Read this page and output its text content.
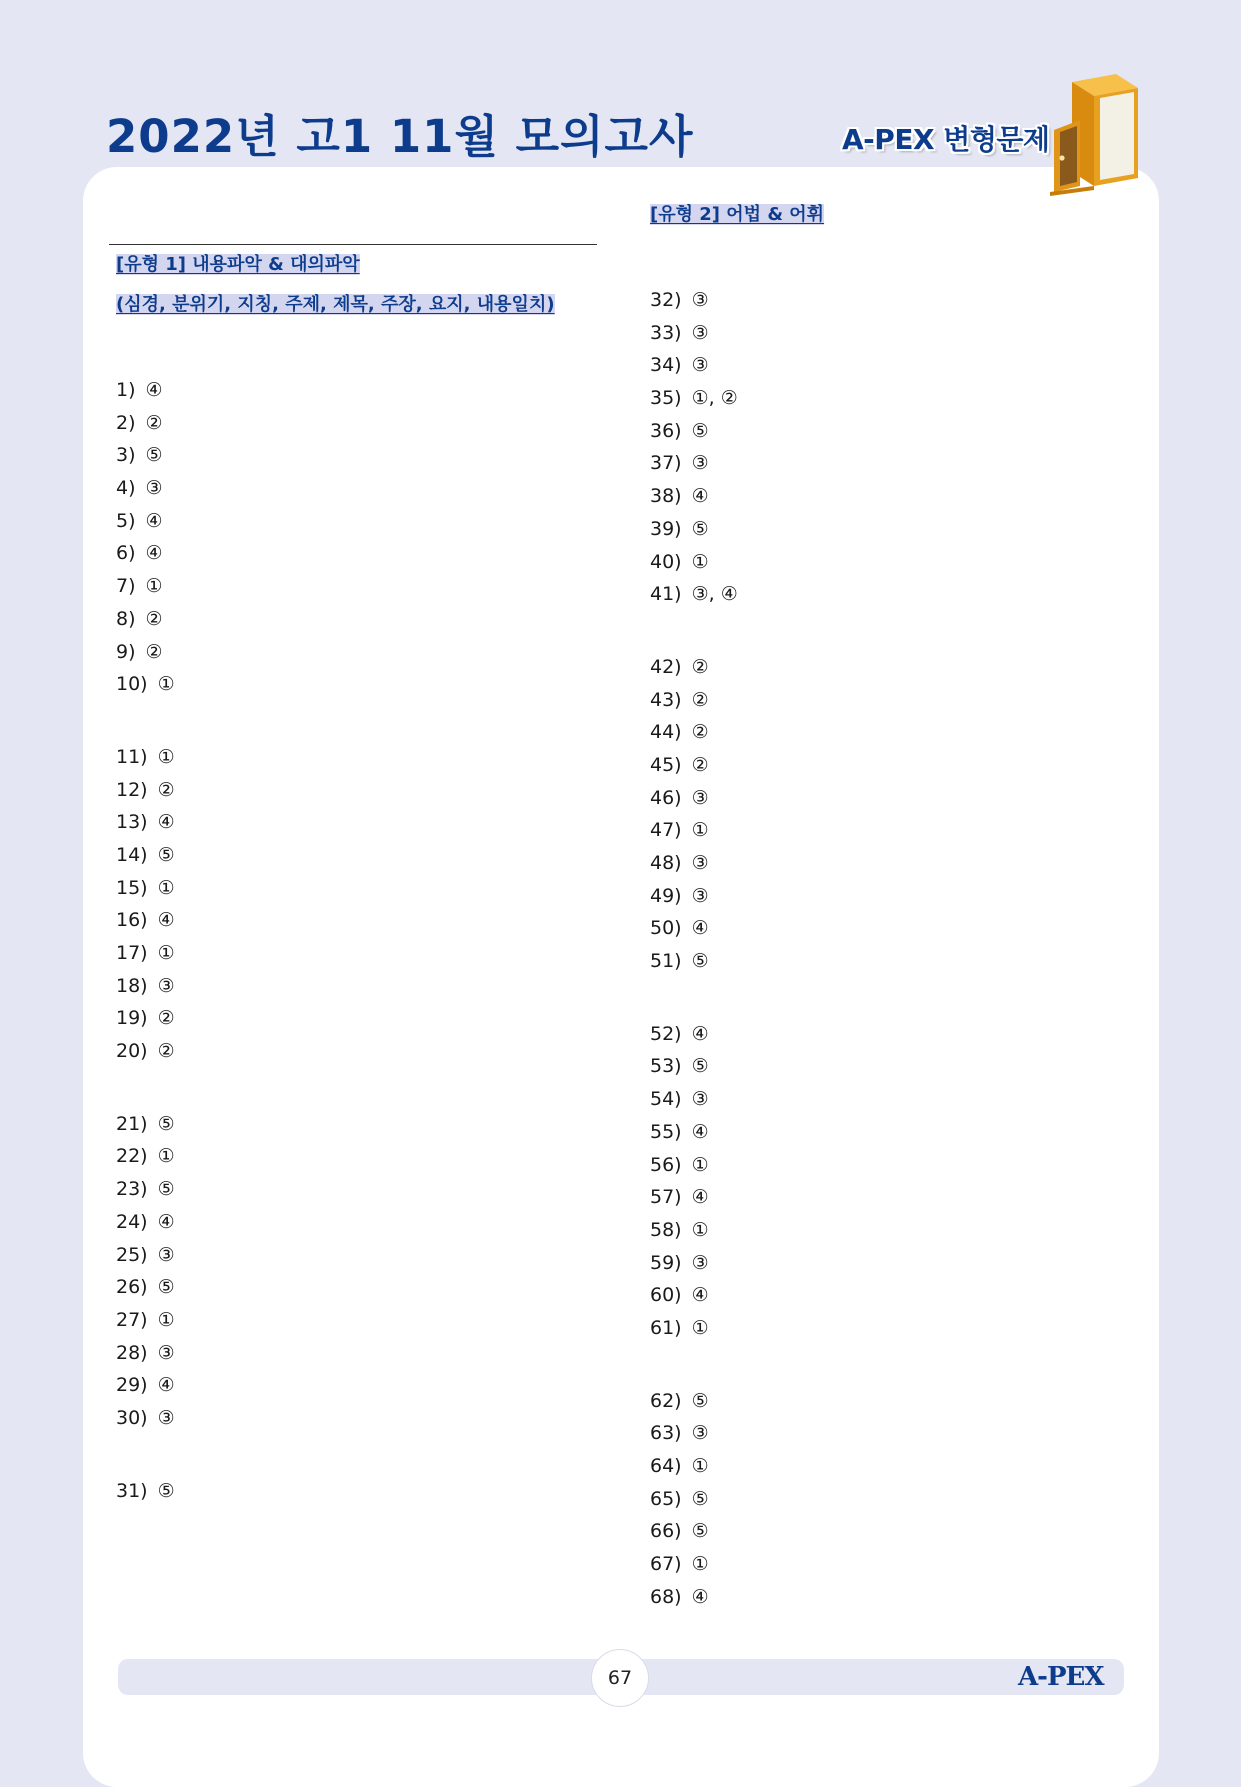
2022년 고1 11월 모의고사	A-PEX 변형문제
[유형 1] 내용파악 & 대의파악
(심경, 분위기, 지칭, 주제, 제목, 주장, 요지, 내용일치)
1) ④
2) ②
3) ⑤
4) ③
5) ④
6) ④
7) ①
8) ②
9) ②
10) ①
11) ①
12) ②
13) ④
14) ⑤
15) ①
16) ④
17) ①
18) ③
19) ②
20) ②
21) ⑤
22) ①
23) ⑤
24) ④
25) ③
26) ⑤
27) ①
28) ③
29) ④
30) ③
31) ⑤
[유형 2] 어법 & 어휘
32) ③
33) ③
34) ③
35) ①, ②
36) ⑤
37) ③
38) ④
39) ⑤
40) ①
41) ③, ④
42) ②
43) ②
44) ②
45) ②
46) ③
47) ①
48) ③
49) ③
50) ④
51) ⑤
52) ④
53) ⑤
54) ③
55) ④
56) ①
57) ④
58) ①
59) ③
60) ④
61) ①
62) ⑤
63) ③
64) ①
65) ⑤
66) ⑤
67) ①
68) ④
67	A-PEX
